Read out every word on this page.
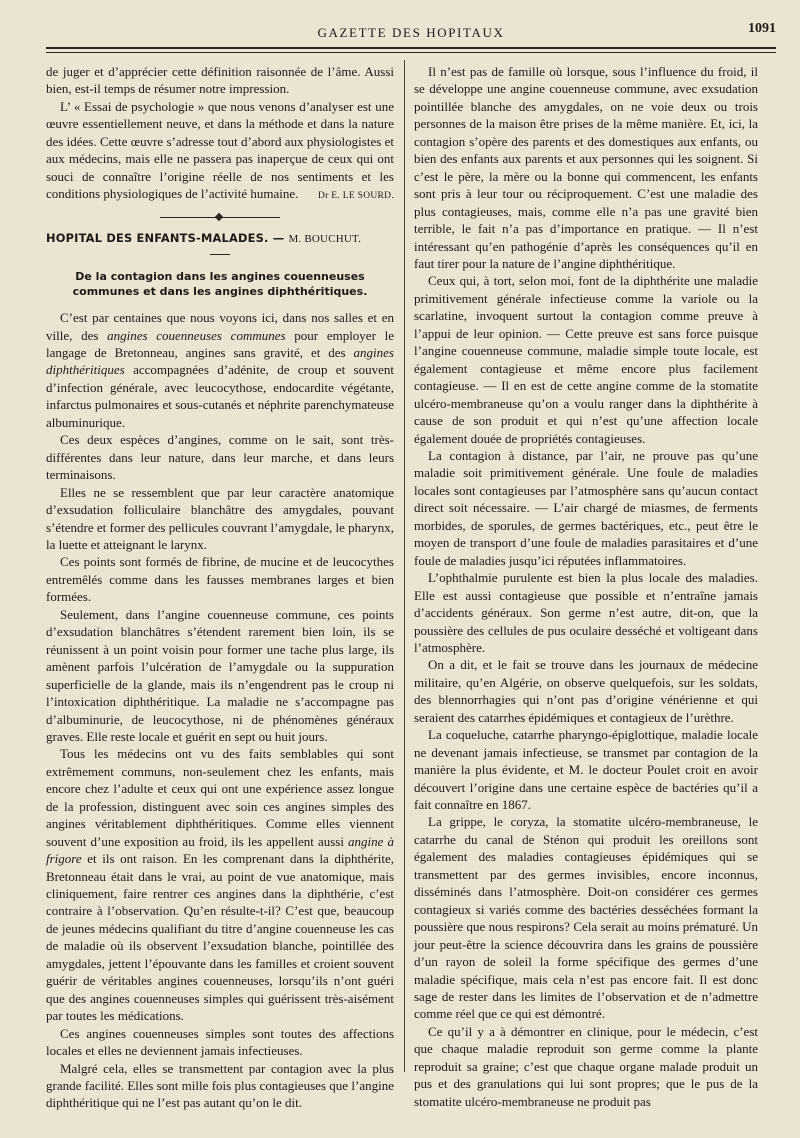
GAZETTE DES HOPITAUX	1091

de juger et d’apprécier cette définition raisonnée de l’âme. Aussi bien, est-il temps de résumer notre impression.

L’ « Essai de psychologie » que nous venons d’analyser est une œuvre essentiellement neuve, et dans la méthode et dans la nature des idées. Cette œuvre s’adresse tout d’abord aux physiologistes et aux médecins, mais elle ne passera pas inaperçue de ceux qui ont souci de connaître l’origine réelle de nos sentiments et les conditions physiologiques de l’activité humaine.	Dr E. LE SOURD.

HOPITAL DES ENFANTS-MALADES. — M. BOUCHUT.

De la contagion dans les angines couenneuses communes et dans les angines diphthéritiques.

C’est par centaines que nous voyons ici, dans nos salles et en ville, des angines couenneuses communes pour employer le langage de Bretonneau, angines sans gravité, et des angines diphthéritiques accompagnées d’adénite, de croup et souvent d’infection générale, avec leucocythose, endocardite végétante, infarctus pulmonaires et sous-cutanés et néphrite parenchymateuse albuminurique.

Ces deux espèces d’angines, comme on le sait, sont très-différentes dans leur nature, dans leur marche, et dans leurs terminaisons.

Elles ne se ressemblent que par leur caractère anatomique d’exsudation folliculaire blanchâtre des amygdales, pouvant s’étendre et former des pellicules couvrant l’amygdale, le pharynx, la luette et atteignant le larynx.

Ces points sont formés de fibrine, de mucine et de leucocythes entremêlés comme dans les fausses membranes larges et bien formées.

Seulement, dans l’angine couenneuse commune, ces points d’exsudation blanchâtres s’étendent rarement bien loin, ils se réunissent à un point voisin pour former une tache plus large, ils amènent parfois l’ulcération de l’amygdale ou la suppuration superficielle de la glande, mais ils n’engendrent pas le croup ni l’intoxication diphthéritique. La maladie ne s’accompagne pas d’albuminurie, de leucocythose, ni de phénomènes généraux graves. Elle reste locale et guérit en sept ou huit jours.

Tous les médecins ont vu des faits semblables qui sont extrêmement communs, non-seulement chez les enfants, mais encore chez l’adulte et ceux qui ont une expérience assez longue de la profession, distinguent avec soin ces angines simples des angines véritablement diphthéritiques. Comme elles viennent souvent d’une exposition au froid, ils les appellent aussi angine à frigore et ils ont raison. En les comprenant dans la diphthérite, Bretonneau était dans le vrai, au point de vue anatomique, mais cliniquement, faire rentrer ces angines dans la diphthérie, c’est contraire à l’observation. Qu’en résulte-t-il? C’est que, beaucoup de jeunes médecins qualifiant du titre d’angine couenneuse les cas de maladie où ils observent l’exsudation blanche, pointillée des amygdales, jettent l’épouvante dans les familles et croient souvent guérir de véritables angines couenneuses, lorsqu’ils n’ont guéri que des angines couenneuses simples qui guérissent très-aisément par toutes les médications.

Ces angines couenneuses simples sont toutes des affections locales et elles ne deviennent jamais infectieuses.

Malgré cela, elles se transmettent par contagion avec la plus grande facilité. Elles sont mille fois plus contagieuses que l’angine diphthéritique qui ne l’est pas autant qu’on le dit.

Il n’est pas de famille où lorsque, sous l’influence du froid, il se développe une angine couenneuse commune, avec exsudation pointillée blanche des amygdales, on ne voie deux ou trois personnes de la maison être prises de la même manière. Et, ici, la contagion s’opère des parents et des domestiques aux enfants, ou bien des enfants aux parents et aux personnes qui les soignent. Si c’est le père, la mère ou la bonne qui commencent, les enfants sont pris à leur tour ou réciproquement. C’est une maladie des plus contagieuses, mais, comme elle n’a pas une gravité bien terrible, le fait n’a pas d’importance en pratique. — Il n’est intéressant qu’en pathogénie d’après les conséquences qu’il en faut tirer pour la nature de l’angine diphthéritique.

Ceux qui, à tort, selon moi, font de la diphthérite une maladie primitivement générale infectieuse comme la variole ou la scarlatine, invoquent surtout la contagion comme preuve à l’appui de leur opinion. — Cette preuve est sans force puisque l’angine couenneuse commune, maladie simple toute locale, est également contagieuse et même encore plus facilement contagieuse. — Il en est de cette angine comme de la stomatite ulcéro-membraneuse qu’on a voulu ranger dans la diphthérite à cause de son produit et qui n’est qu’une affection locale également douée de propriétés contagieuses.

La contagion à distance, par l’air, ne prouve pas qu’une maladie soit primitivement générale. Une foule de maladies locales sont contagieuses par l’atmosphère sans qu’aucun contact direct soit nécessaire. — L’air chargé de miasmes, de ferments morbides, de sporules, de germes bactériques, etc., peut être le moyen de transport d’une foule de maladies parasitaires et d’une foule de maladies jusqu’ici réputées inflammatoires.

L’ophthalmie purulente est bien la plus locale des maladies. Elle est aussi contagieuse que possible et n’entraîne jamais d’accidents généraux. Son germe n’est autre, dit-on, que la poussière des cellules de pus oculaire desséché et voltigeant dans l’atmosphère.

On a dit, et le fait se trouve dans les journaux de médecine militaire, qu’en Algérie, on observe quelquefois, sur les soldats, des blennorrhagies qui n’ont pas d’origine vénérienne et qui seraient des catarrhes épidémiques et contagieux de l’urèthre.

La coqueluche, catarrhe pharyngo-épiglottique, maladie locale ne devenant jamais infectieuse, se transmet par contagion de la manière la plus évidente, et M. le docteur Poulet croit en avoir découvert l’origine dans une certaine espèce de bactéries qu’il a fait connaître en 1867.

La grippe, le coryza, la stomatite ulcéro-membraneuse, le catarrhe du canal de Sténon qui produit les oreillons sont également des maladies contagieuses épidémiques qui se transmettent par des germes invisibles, encore inconnus, disséminés dans l’atmosphère. Doit-on considérer ces germes contagieux si variés comme des bactéries desséchées formant la poussière que nous respirons? Cela serait au moins prématuré. Un jour peut-être la science découvrira dans les grains de poussière d’un rayon de soleil la forme spécifique des germes d’une maladie spécifique, mais cela n’est pas encore fait. Il est donc sage de rester dans les limites de l’observation et de n’admettre comme réel que ce qui est démontré.

Ce qu’il y a à démontrer en clinique, pour le médecin, c’est que chaque maladie reproduit son germe comme la plante reproduit sa graine; c’est que chaque organe malade produit un pus et des granulations qui lui sont propres; que le pus de la stomatite ulcéro-membraneuse ne produit pas
